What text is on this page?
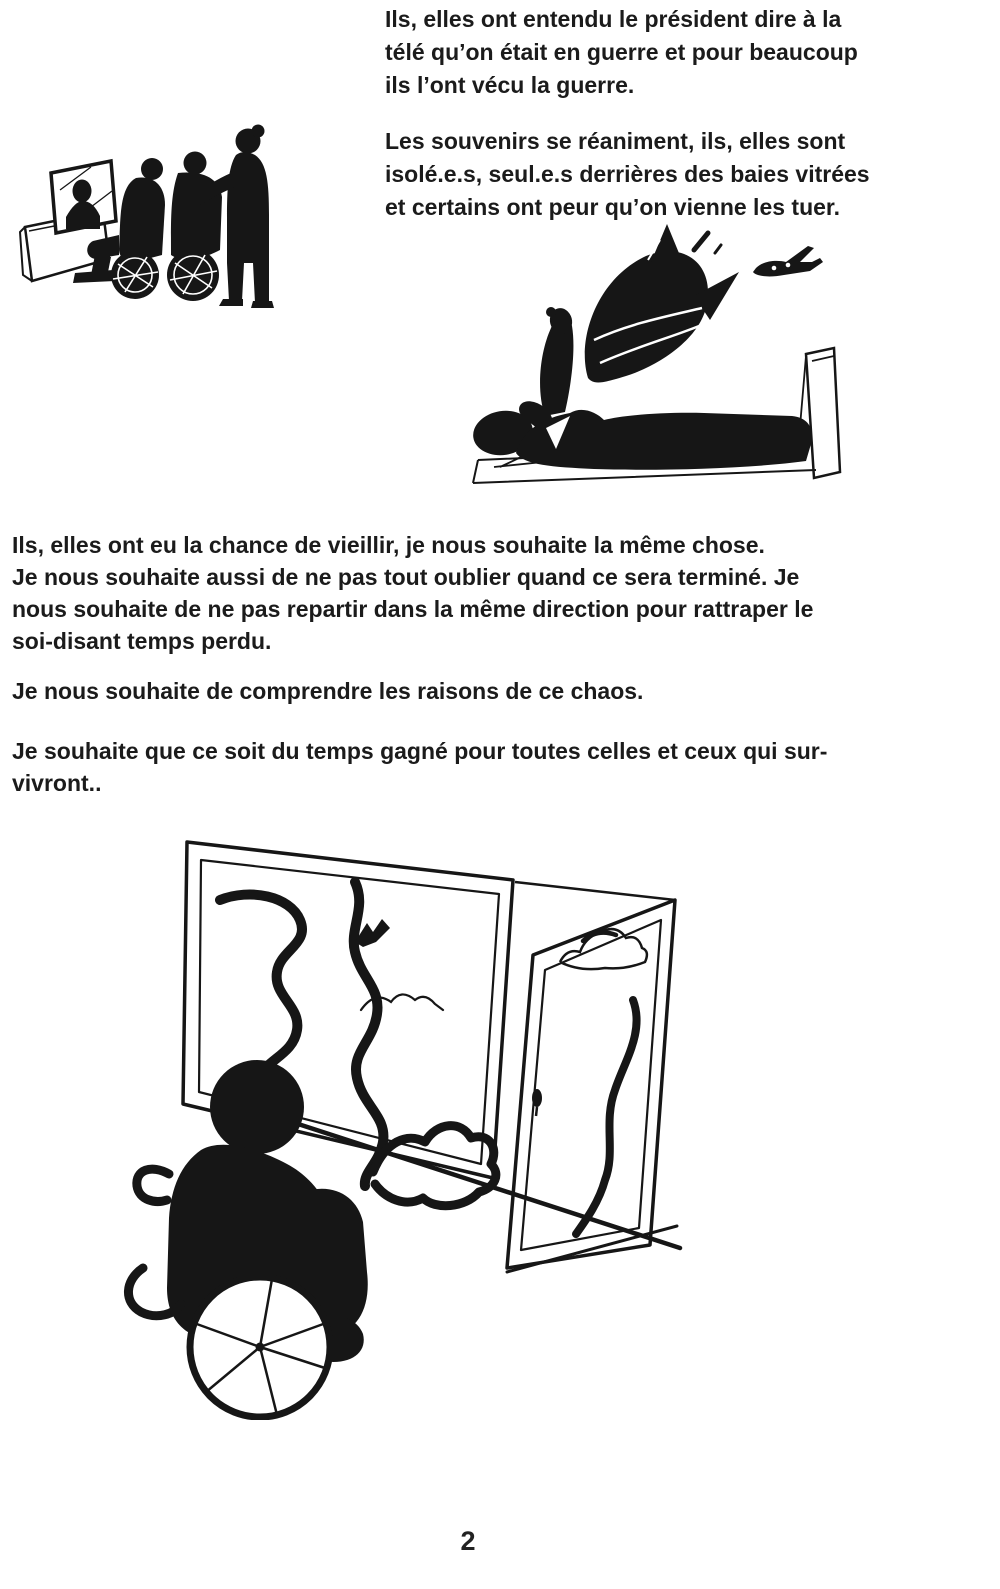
Ils, elles ont entendu le président dire à la
télé qu’on était en guerre et pour beaucoup
ils l’ont vécu la guerre.
Les souvenirs se réaniment, ils, elles sont
isolé.e.s, seul.e.s derrières des baies vitrées
et certains ont peur qu’on vienne les tuer.
Ils, elles ont eu la chance de vieillir, je nous souhaite la même chose.
Je nous souhaite aussi de ne pas tout oublier quand ce sera terminé. Je
nous souhaite de ne pas repartir dans la même direction pour rattraper le
soi-disant temps perdu.
Je nous souhaite de comprendre les raisons de ce chaos.
Je souhaite que ce soit du temps gagné pour toutes celles et ceux qui sur-
vivront..
2
